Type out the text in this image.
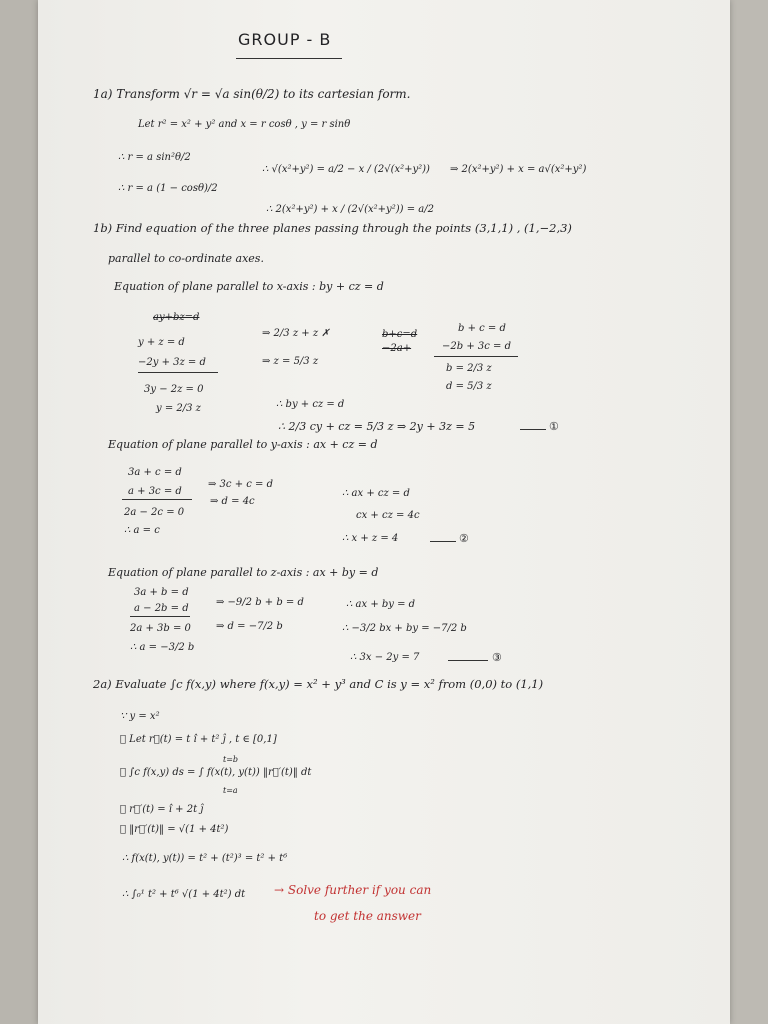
GROUP - B
1a) Transform √r = √a sin(θ/2) to its cartesian form.
Let r² = x² + y² and x = r cosθ , y = r sinθ
∴ r = a sin²θ/2
∴ √(x²+y²) = a/2 − x / (2√(x²+y²)) ⇒ 2(x²+y²) + x = a√(x²+y²)
∴ r = a (1 − cosθ)/2
∴ 2(x²+y²) + x / (2√(x²+y²)) = a/2
1b) Find equation of the three planes passing through the points (3,1,1) , (1,−2,3)
parallel to co-ordinate axes.
Equation of plane parallel to x-axis : by + cz = d
ay+bz=d
y + z = d
−2y + 3z = d
3y − 2z = 0
y = 2/3 z
⇒ 2/3 z + z ✗
⇒ z = 5/3 z
b+c=d
−2a+
b + c = d
−2b + 3c = d
b = 2/3 z
d = 5/3 z
∴ by + cz = d
∴ 2/3 cy + cz = 5/3 z ⇒ 2y + 3z = 5	①
Equation of plane parallel to y-axis : ax + cz = d
3a + c = d
a + 3c = d
2a − 2c = 0
∴ a = c
⇒ 3c + c = d
⇒ d = 4c
∴ ax + cz = d
cx + cz = 4c
∴ x + z = 4	②
Equation of plane parallel to z-axis : ax + by = d
3a + b = d
a − 2b = d
2a + 3b = 0
∴ a = −3/2 b
⇒ −9/2 b + b = d
⇒ d = −7/2 b
∴ ax + by = d
∴ −3/2 bx + by = −7/2 b
∴ 3x − 2y = 7	③
2a) Evaluate ∫c f(x,y) where f(x,y) = x² + y³ and C is y = x² from (0,0) to (1,1)
∵ y = x²
∴ Let r⃗(t) = t î + t² ĵ , t ∈ [0,1]
t=b
∴ ∫c f(x,y) ds = ∫ f(x(t), y(t)) ‖r⃗′(t)‖ dt
t=a
∴ r⃗′(t) = î + 2t ĵ
∴ ‖r⃗′(t)‖ = √(1 + 4t²)
∴ f(x(t), y(t)) = t² + (t²)³ = t² + t⁶
∴ ∫₀¹ t² + t⁶ √(1 + 4t²) dt → Solve further if you can
to get the answer
